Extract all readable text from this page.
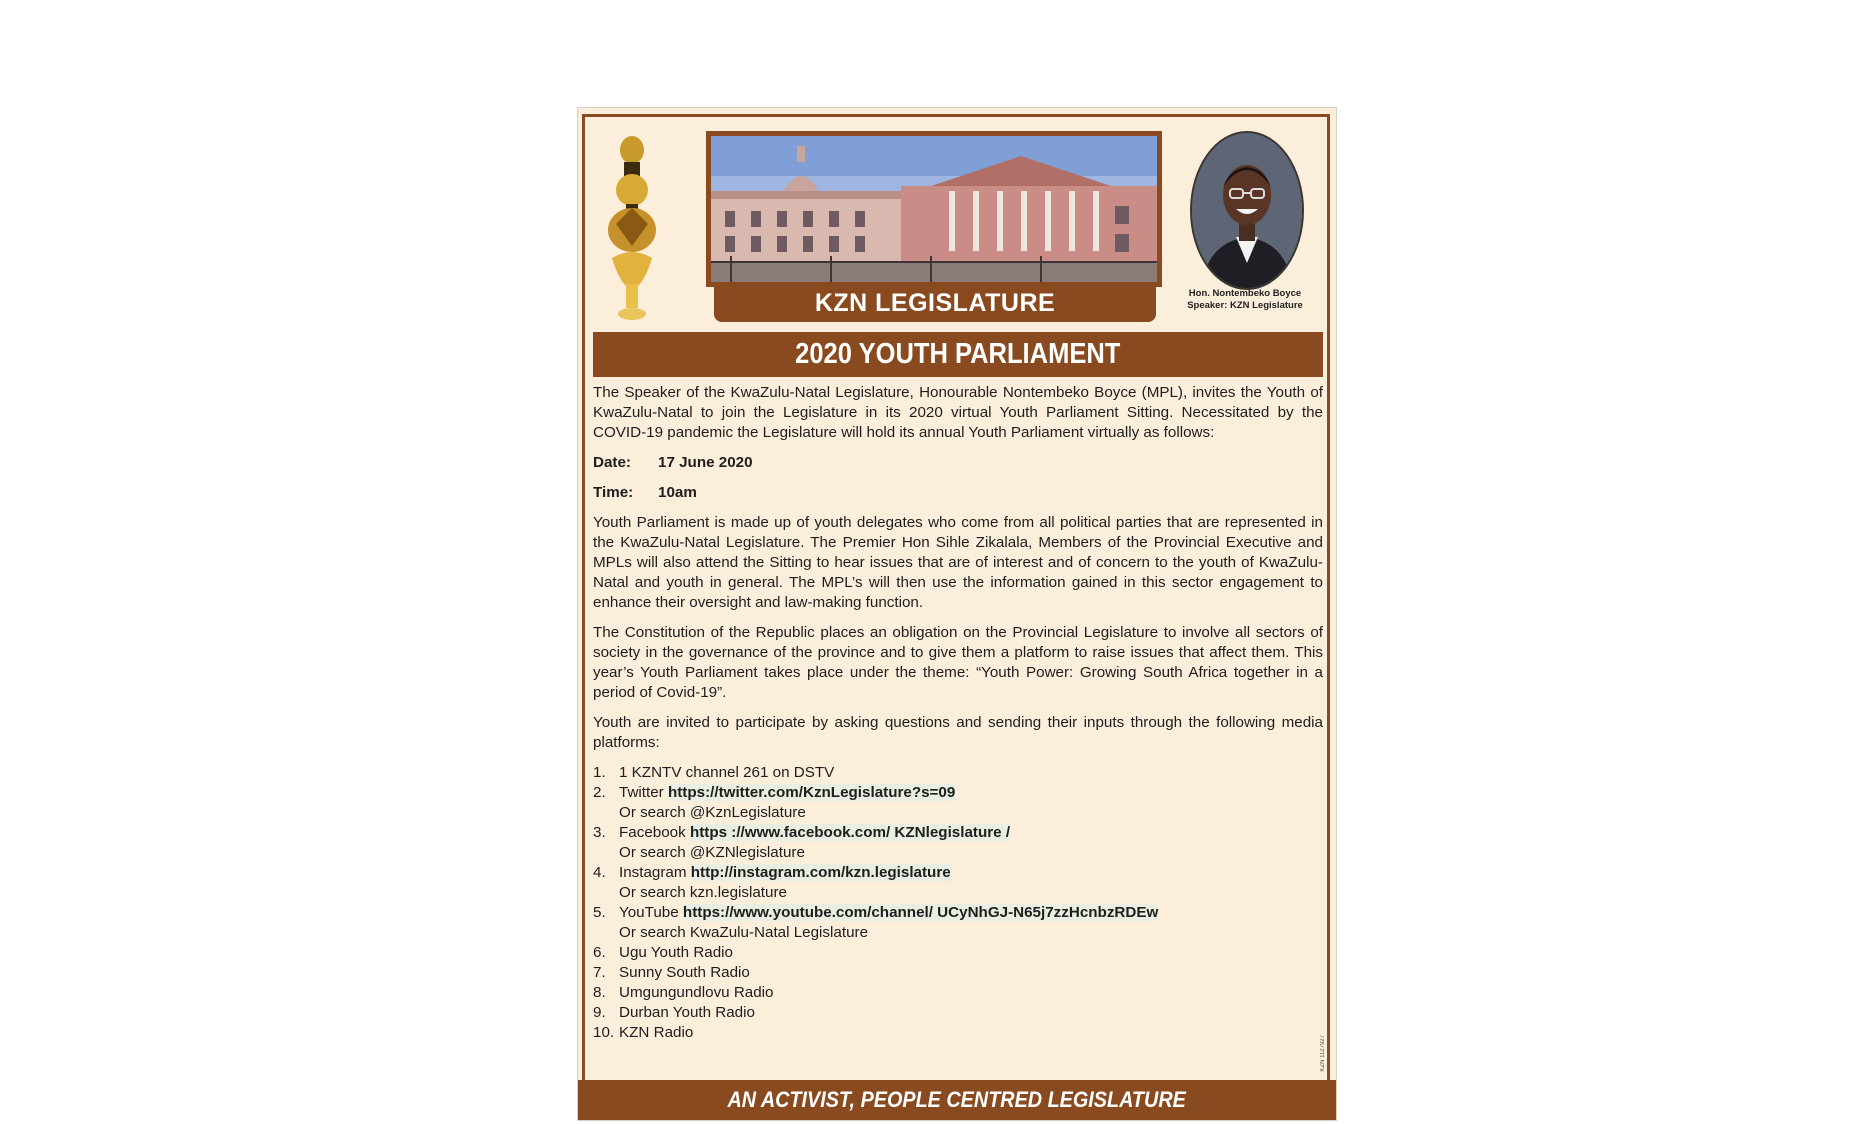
KZN LEGISLATURE	Hon. Nontembeko Boyce
Speaker: KZN Legislature
2020 YOUTH PARLIAMENT

The Speaker of the KwaZulu-Natal Legislature, Honourable Nontembeko Boyce (MPL), invites the Youth of KwaZulu-Natal to join the Legislature in its 2020 virtual Youth Parliament Sitting. Necessitated by the COVID-19 pandemic the Legislature will hold its annual Youth Parliament virtually as follows:

Date: 17 June 2020
Time: 10am

Youth Parliament is made up of youth delegates who come from all political parties that are represented in the KwaZulu-Natal Legislature. The Premier Hon Sihle Zikalala, Members of the Provincial Executive and MPLs will also attend the Sitting to hear issues that are of interest and of concern to the youth of KwaZulu-Natal and youth in general. The MPL’s will then use the information gained in this sector engagement to enhance their oversight and law-making function.

The Constitution of the Republic places an obligation on the Provincial Legislature to involve all sectors of society in the governance of the province and to give them a platform to raise issues that affect them. This year’s Youth Parliament takes place under the theme: “Youth Power: Growing South Africa together in a period of Covid-19”.

Youth are invited to participate by asking questions and sending their inputs through the following media platforms:

1. 1 KZNTV channel 261 on DSTV
2. Twitter https://twitter.com/KznLegislature?s=09
Or search @KznLegislature
3. Facebook https ://www.facebook.com/ KZNlegislature /
Or search @KZNlegislature
4. Instagram http://instagram.com/kzn.legislature
Or search kzn.legislature
5. YouTube https://www.youtube.com/channel/ UCyNhGJ-N65j7zzHcnbzRDEw
Or search KwaZulu-Natal Legislature
6. Ugu Youth Radio
7. Sunny South Radio
8. Umgungundlovu Radio
9. Durban Youth Radio
10. KZN Radio
KZN 1127927
AN ACTIVIST, PEOPLE CENTRED LEGISLATURE
